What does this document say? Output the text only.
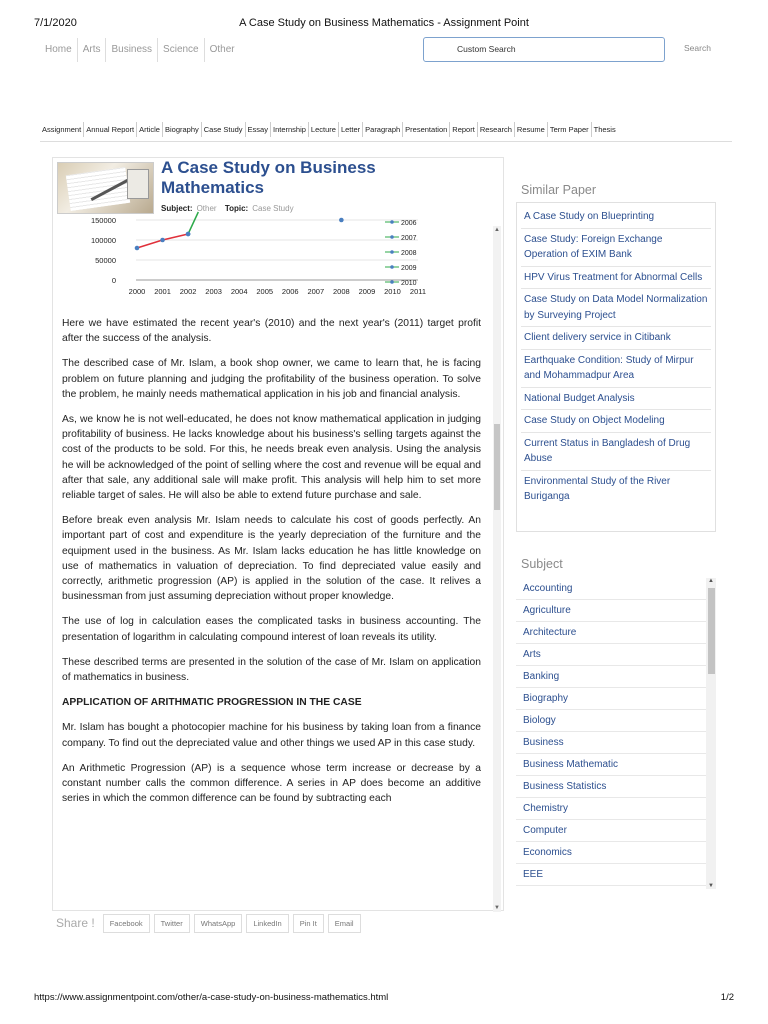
7/1/2020	A Case Study on Business Mathematics - Assignment Point
Home	Arts	Business	Science	Other	Custom Search	Search
Assignment Annual Report Article Biography Case Study Essay Internship Lecture Letter Paragraph Presentation Report Research Resume Term Paper Thesis
A Case Study on Business Mathematics
Subject: Other Topic: Case Study
150000
100000
50000
0
2000 2001 2002 2003 2004 2005 2006 2007 2008 2009 2010 2011
2006
2007
2008
2009
2010

Here we have estimated the recent year's (2010) and the next year's (2011) target profit after the success of the analysis.

The described case of Mr. Islam, a book shop owner, we came to learn that, he is facing problem on future planning and judging the profitability of the business operation. To solve the problem, he mainly needs mathematical application in his job and financial analysis.

As, we know he is not well-educated, he does not know mathematical application in judging profitability of business. He lacks knowledge about his business's selling targets against the cost of the products to be sold. For this, he needs break even analysis. Using the analysis he will be acknowledged of the point of selling where the cost and revenue will be equal and after that sale, any additional sale will make profit. This analysis will help him to set more reliable target of sales. He will also be able to extend future purchase and sale.

Before break even analysis Mr. Islam needs to calculate his cost of goods perfectly. An important part of cost and expenditure is the yearly depreciation of the furniture and the equipment used in the business. As Mr. Islam lacks education he has little knowledge on use of mathematics in valuation of depreciation. To find depreciated value easily and correctly, arithmetic progression (AP) is applied in the solution of the case. It relives a businessman from just assuming depreciation without proper knowledge.

The use of log in calculation eases the complicated tasks in business accounting. The presentation of logarithm in calculating compound interest of loan reveals its utility.

These described terms are presented in the solution of the case of Mr. Islam on application of mathematics in business.

APPLICATION OF ARITHMATIC PROGRESSION IN THE CASE

Mr. Islam has bought a photocopier machine for his business by taking loan from a finance company. To find out the depreciated value and other things we used AP in this case study.

An Arithmetic Progression (AP) is a sequence whose term increase or decrease by a constant number calls the common difference. A series in AP does become an additive series in which the common difference can be found by subtracting each

▲
▼
Share !	Facebook	Twitter	WhatsApp	LinkedIn	Pin It	Email
Similar Paper
A Case Study on Blueprinting
Case Study: Foreign Exchange Operation of EXIM Bank
HPV Virus Treatment for Abnormal Cells
Case Study on Data Model Normalization by Surveying Project
Client delivery service in Citibank
Earthquake Condition: Study of Mirpur and Mohammadpur Area
National Budget Analysis
Case Study on Object Modeling
Current Status in Bangladesh of Drug Abuse
Environmental Study of the River Buriganga
Subject
Accounting
Agriculture
Architecture
Arts
Banking
Biography
Biology
Business
Business Mathematic
Business Statistics
Chemistry
Computer
Economics
EEE
▲
▼
https://www.assignmentpoint.com/other/a-case-study-on-business-mathematics.html	1/2
